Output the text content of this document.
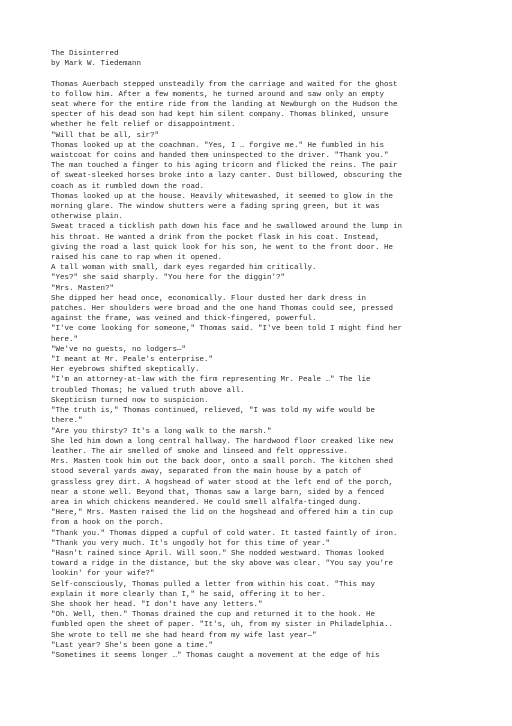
The Disinterred
by Mark W. Tiedemann

Thomas Auerbach stepped unsteadily from the carriage and waited for the ghost
to follow him. After a few moments, he turned around and saw only an empty
seat where for the entire ride from the landing at Newburgh on the Hudson the
specter of his dead son had kept him silent company. Thomas blinked, unsure
whether he felt relief or disappointment.

"Will that be all, sir?"

Thomas looked up at the coachman. "Yes, I … forgive me." He fumbled in his
waistcoat for coins and handed them uninspected to the driver. "Thank you."
The man touched a finger to his aging tricorn and flicked the reins. The pair
of sweat-sleeked horses broke into a lazy canter. Dust billowed, obscuring the
coach as it rumbled down the road.

Thomas looked up at the house. Heavily whitewashed, it seemed to glow in the
morning glare. The window shutters were a fading spring green, but it was
otherwise plain.

Sweat traced a ticklish path down his face and he swallowed around the lump in
his throat. He wanted a drink from the pocket flask in his coat. Instead,
giving the road a last quick look for his son, he went to the front door. He
raised his cane to rap when it opened.

A tall woman with small, dark eyes regarded him critically.

"Yes?" she said sharply. "You here for the diggin'?"

"Mrs. Masten?"

She dipped her head once, economically. Flour dusted her dark dress in
patches. Her shoulders were broad and the one hand Thomas could see, pressed
against the frame, was veined and thick-fingered, powerful.

"I've come looking for someone," Thomas said. "I've been told I might find her
here."

"We've no guests, no lodgers—"

"I meant at Mr. Peale's enterprise."

Her eyebrows shifted skeptically.

"I'm an attorney-at-law with the firm representing Mr. Peale …" The lie
troubled Thomas; he valued truth above all.

Skepticism turned now to suspicion.

"The truth is," Thomas continued, relieved, "I was told my wife would be
there."

"Are you thirsty? It's a long walk to the marsh."

She led him down a long central hallway. The hardwood floor creaked like new
leather. The air smelled of smoke and linseed and felt oppressive.

Mrs. Masten took him out the back door, onto a small porch. The kitchen shed
stood several yards away, separated from the main house by a patch of
grassless grey dirt. A hogshead of water stood at the left end of the porch,
near a stone well. Beyond that, Thomas saw a large barn, sided by a fenced
area in which chickens meandered. He could smell alfalfa-tinged dung.

"Here," Mrs. Masten raised the lid on the hogshead and offered him a tin cup
from a hook on the porch.

"Thank you." Thomas dipped a cupful of cold water. It tasted faintly of iron.

"Thank you very much. It's ungodly hot for this time of year."

"Hasn't rained since April. Will soon." She nodded westward. Thomas looked
toward a ridge in the distance, but the sky above was clear. "You say you're
lookin' for your wife?"

Self-consciously, Thomas pulled a letter from within his coat. "This may
explain it more clearly than I," he said, offering it to her.

She shook her head. "I don't have any letters."

"Oh. Well, then." Thomas drained the cup and returned it to the hook. He
fumbled open the sheet of paper. "It's, uh, from my sister in Philadelphia..
She wrote to tell me she had heard from my wife last year—"

"Last year? She's been gone a time."

"Sometimes it seems longer …" Thomas caught a movement at the edge of his
